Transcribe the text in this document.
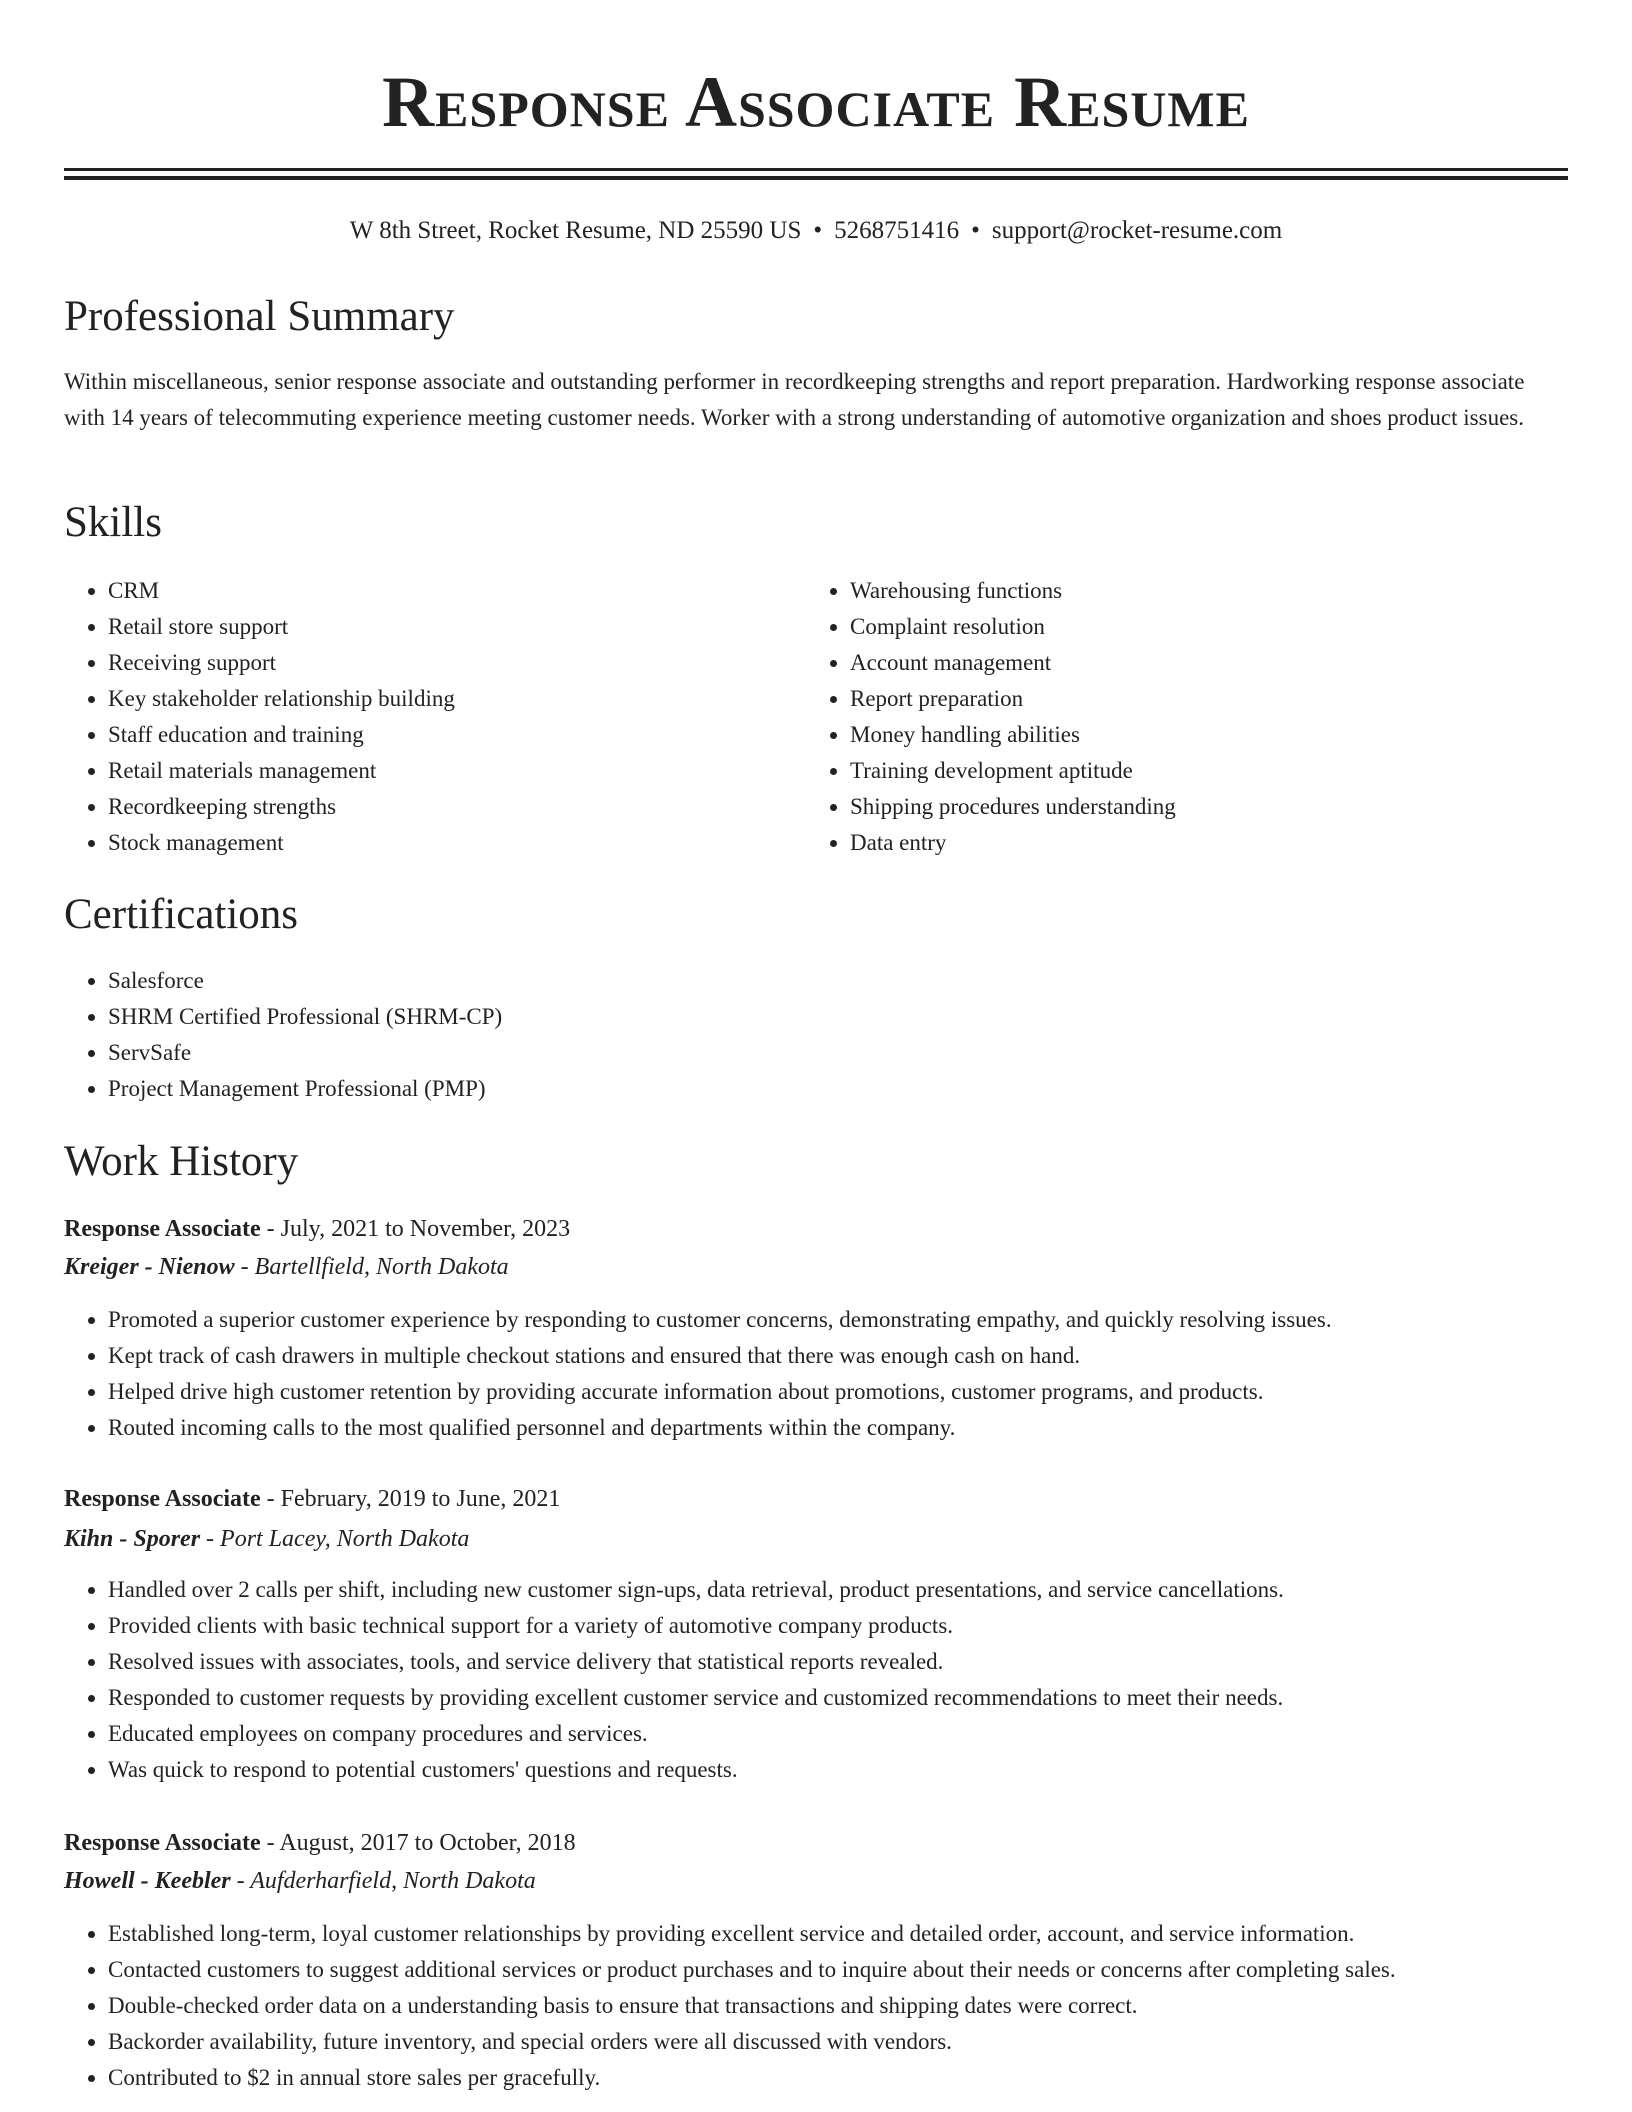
Response Associate Resume
W 8th Street, Rocket Resume, ND 25590 US • 5268751416 • support@rocket-resume.com
Professional Summary

Within miscellaneous, senior response associate and outstanding performer in recordkeeping strengths and report preparation. Hardworking response associate with 14 years of telecommuting experience meeting customer needs. Worker with a strong understanding of automotive organization and shoes product issues.

Skills
• CRM
• Retail store support
• Receiving support
• Key stakeholder relationship building
• Staff education and training
• Retail materials management
• Recordkeeping strengths
• Stock management
• Warehousing functions
• Complaint resolution
• Account management
• Report preparation
• Money handling abilities
• Training development aptitude
• Shipping procedures understanding
• Data entry
Certifications
• Salesforce
• SHRM Certified Professional (SHRM-CP)
• ServSafe
• Project Management Professional (PMP)
Work History
Response Associate - July, 2021 to November, 2023
Kreiger - Nienow - Bartellfield, North Dakota
• Promoted a superior customer experience by responding to customer concerns, demonstrating empathy, and quickly resolving issues.
• Kept track of cash drawers in multiple checkout stations and ensured that there was enough cash on hand.
• Helped drive high customer retention by providing accurate information about promotions, customer programs, and products.
• Routed incoming calls to the most qualified personnel and departments within the company.
Response Associate - February, 2019 to June, 2021
Kihn - Sporer - Port Lacey, North Dakota
• Handled over 2 calls per shift, including new customer sign-ups, data retrieval, product presentations, and service cancellations.
• Provided clients with basic technical support for a variety of automotive company products.
• Resolved issues with associates, tools, and service delivery that statistical reports revealed.
• Responded to customer requests by providing excellent customer service and customized recommendations to meet their needs.
• Educated employees on company procedures and services.
• Was quick to respond to potential customers' questions and requests.
Response Associate - August, 2017 to October, 2018
Howell - Keebler - Aufderharfield, North Dakota
• Established long-term, loyal customer relationships by providing excellent service and detailed order, account, and service information.
• Contacted customers to suggest additional services or product purchases and to inquire about their needs or concerns after completing sales.
• Double-checked order data on a understanding basis to ensure that transactions and shipping dates were correct.
• Backorder availability, future inventory, and special orders were all discussed with vendors.
• Contributed to $2 in annual store sales per gracefully.
